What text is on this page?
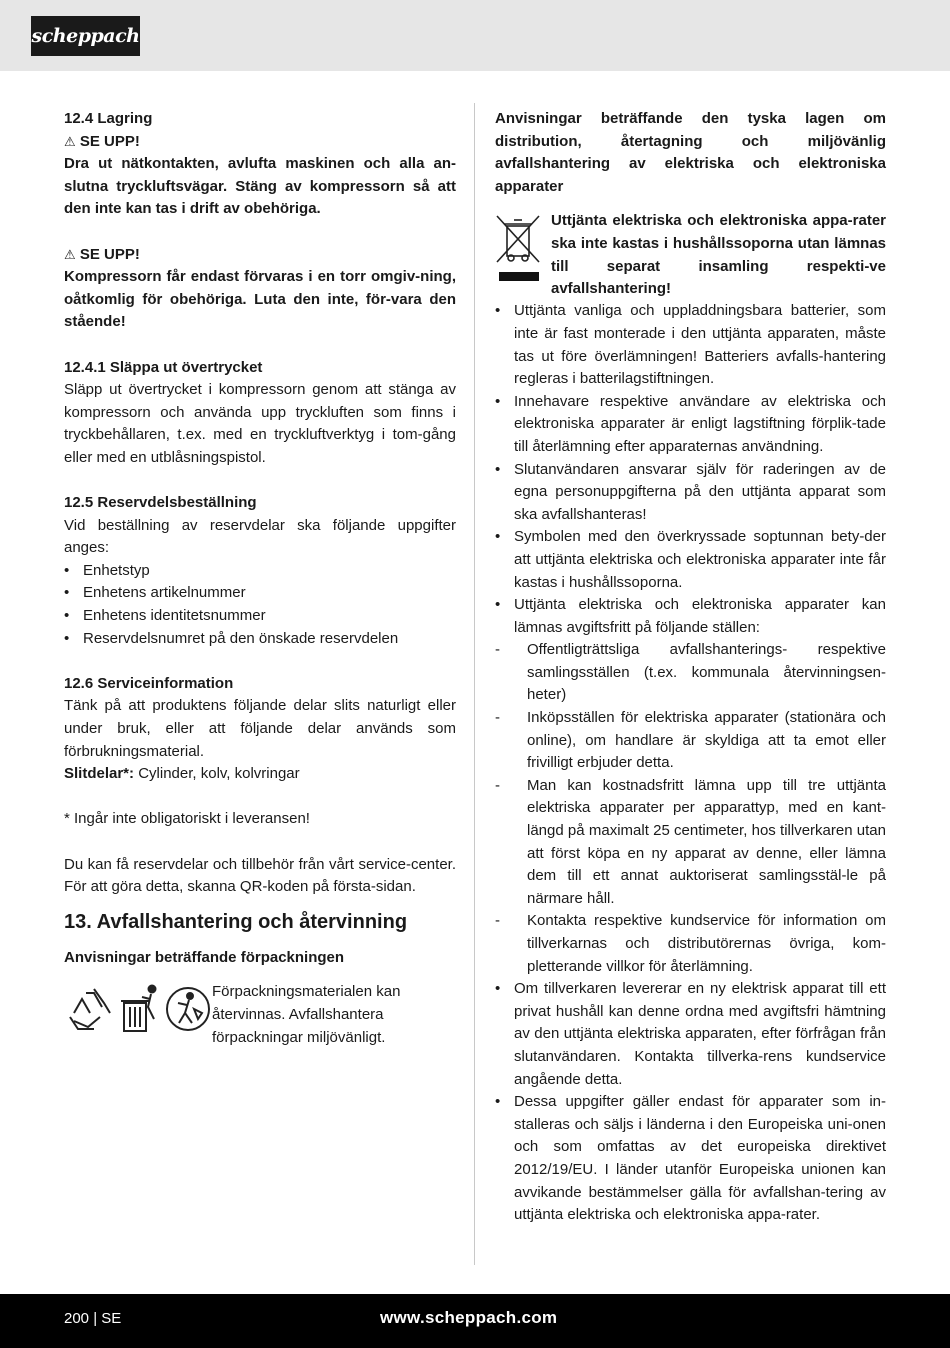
scheppach
12.4 Lagring
⚠ SE UPP!
Dra ut nätkontakten, avlufta maskinen och alla an-slutna tryckluftsvägar. Stäng av kompressorn så att den inte kan tas i drift av obehöriga.
⚠ SE UPP!
Kompressorn får endast förvaras i en torr omgiv-ning, oåtkomlig för obehöriga. Luta den inte, för-vara den stående!
12.4.1 Släppa ut övertrycket
Släpp ut övertrycket i kompressorn genom att stänga av kompressorn och använda upp tryckluften som finns i tryckbehållaren, t.ex. med en tryckluftverktyg i tom-gång eller med en utblåsningspistol.
12.5 Reservdelsbeställning
Vid beställning av reservdelar ska följande uppgifter anges:
• Enhetstyp
• Enhetens artikelnummer
• Enhetens identitetsnummer
• Reservdelsnumret på den önskade reservdelen
12.6 Serviceinformation
Tänk på att produktens följande delar slits naturligt eller under bruk, eller att följande delar används som förbrukningsmaterial.
Slitdelar*: Cylinder, kolv, kolvringar
* Ingår inte obligatoriskt i leveransen!
Du kan få reservdelar och tillbehör från vårt service-center. För att göra detta, skanna QR-koden på första-sidan.
13. Avfallshantering och återvinning
Anvisningar beträffande förpackningen
Förpackningsmaterialen kan återvinnas. Avfallshantera förpackningar miljövänligt.
Anvisningar beträffande den tyska lagen om distribution, återtagning och miljövänlig avfallshantering av elektriska och elektroniska apparater
Uttjänta elektriska och elektroniska appa-rater ska inte kastas i hushållssoporna utan lämnas till separat insamling respekti-ve avfallshantering!
• Uttjänta vanliga och uppladdningsbara batterier, som inte är fast monterade i den uttjänta apparaten, måste tas ut före överlämningen! Batteriers avfalls-hantering regleras i batterilagstiftningen.
• Innehavare respektive användare av elektriska och elektroniska apparater är enligt lagstiftning förplik-tade till återlämning efter apparaternas användning.
• Slutanvändaren ansvarar själv för raderingen av de egna personuppgifterna på den uttjänta apparat som ska avfallshanteras!
• Symbolen med den överkryssade soptunnan bety-der att uttjänta elektriska och elektroniska apparater inte får kastas i hushållssoporna.
• Uttjänta elektriska och elektroniska apparater kan lämnas avgiftsfritt på följande ställen:
- Offentligträttsliga avfallshanterings- respektive samlingsställen (t.ex. kommunala återvinningsen-heter)
- Inköpsställen för elektriska apparater (stationära och online), om handlare är skyldiga att ta emot eller frivilligt erbjuder detta.
- Man kan kostnadsfritt lämna upp till tre uttjänta elektriska apparater per apparattyp, med en kant-längd på maximalt 25 centimeter, hos tillverkaren utan att först köpa en ny apparat av denne, eller lämna dem till ett annat auktoriserat samlingsstäl-le på närmare håll.
- Kontakta respektive kundservice för information om tillverkarnas och distributörernas övriga, kom-pletterande villkor för återlämning.
• Om tillverkaren levererar en ny elektrisk apparat till ett privat hushåll kan denne ordna med avgiftsfri hämtning av den uttjänta elektriska apparaten, efter förfrågan från slutanvändaren. Kontakta tillverka-rens kundservice angående detta.
• Dessa uppgifter gäller endast för apparater som in-stalleras och säljs i länderna i den Europeiska uni-onen och som omfattas av det europeiska direktivet 2012/19/EU. I länder utanför Europeiska unionen kan avvikande bestämmelser gälla för avfallshan-tering av uttjänta elektriska och elektroniska appa-rater.
200 | SE	www.scheppach.com
